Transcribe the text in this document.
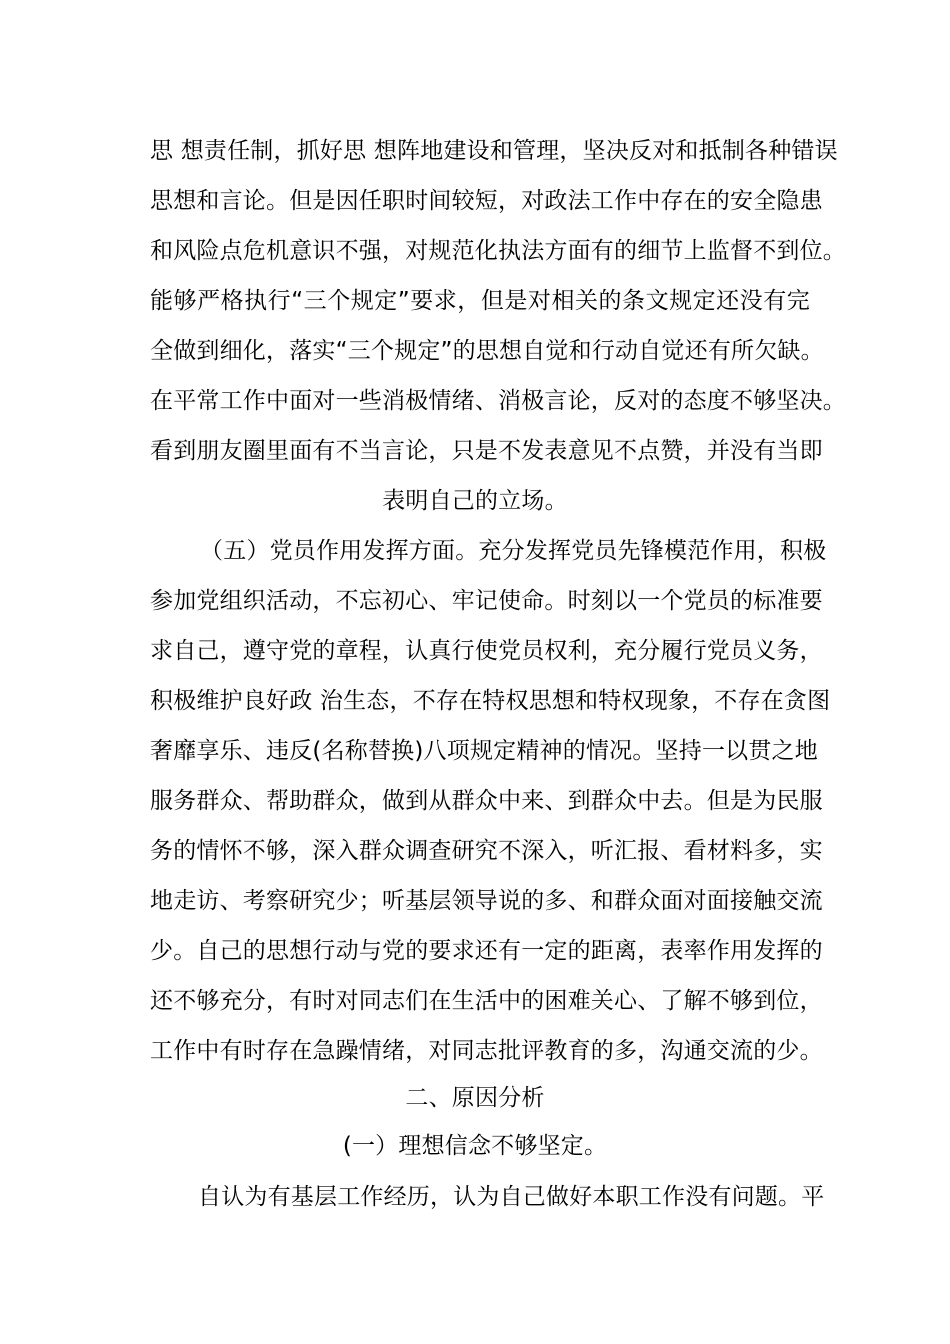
思 想责任制，抓好思 想阵地建设和管理，坚决反对和抵制各种错误
思想和言论。但是因任职时间较短，对政法工作中存在的安全隐患
和风险点危机意识不强，对规范化执法方面有的细节上监督不到位。
能够严格执行“三个规定”要求，但是对相关的条文规定还没有完
全做到细化，落实“三个规定”的思想自觉和行动自觉还有所欠缺。
在平常工作中面对一些消极情绪、消极言论，反对的态度不够坚决。
看到朋友圈里面有不当言论，只是不发表意见不点赞，并没有当即
表明自己的立场。
（五）党员作用发挥方面。充分发挥党员先锋模范作用，积极
参加党组织活动，不忘初心、牢记使命。时刻以一个党员的标准要
求自己，遵守党的章程，认真行使党员权利，充分履行党员义务，
积极维护良好政 治生态，不存在特权思想和特权现象，不存在贪图
奢靡享乐、违反(名称替换)八项规定精神的情况。坚持一以贯之地
服务群众、帮助群众，做到从群众中来、到群众中去。但是为民服
务的情怀不够，深入群众调查研究不深入，听汇报、看材料多，实
地走访、考察研究少；听基层领导说的多、和群众面对面接触交流
少。自己的思想行动与党的要求还有一定的距离，表率作用发挥的
还不够充分，有时对同志们在生活中的困难关心、了解不够到位，
工作中有时存在急躁情绪，对同志批评教育的多，沟通交流的少。
二、原因分析
(一）理想信念不够坚定。
自认为有基层工作经历，认为自己做好本职工作没有问题。平
